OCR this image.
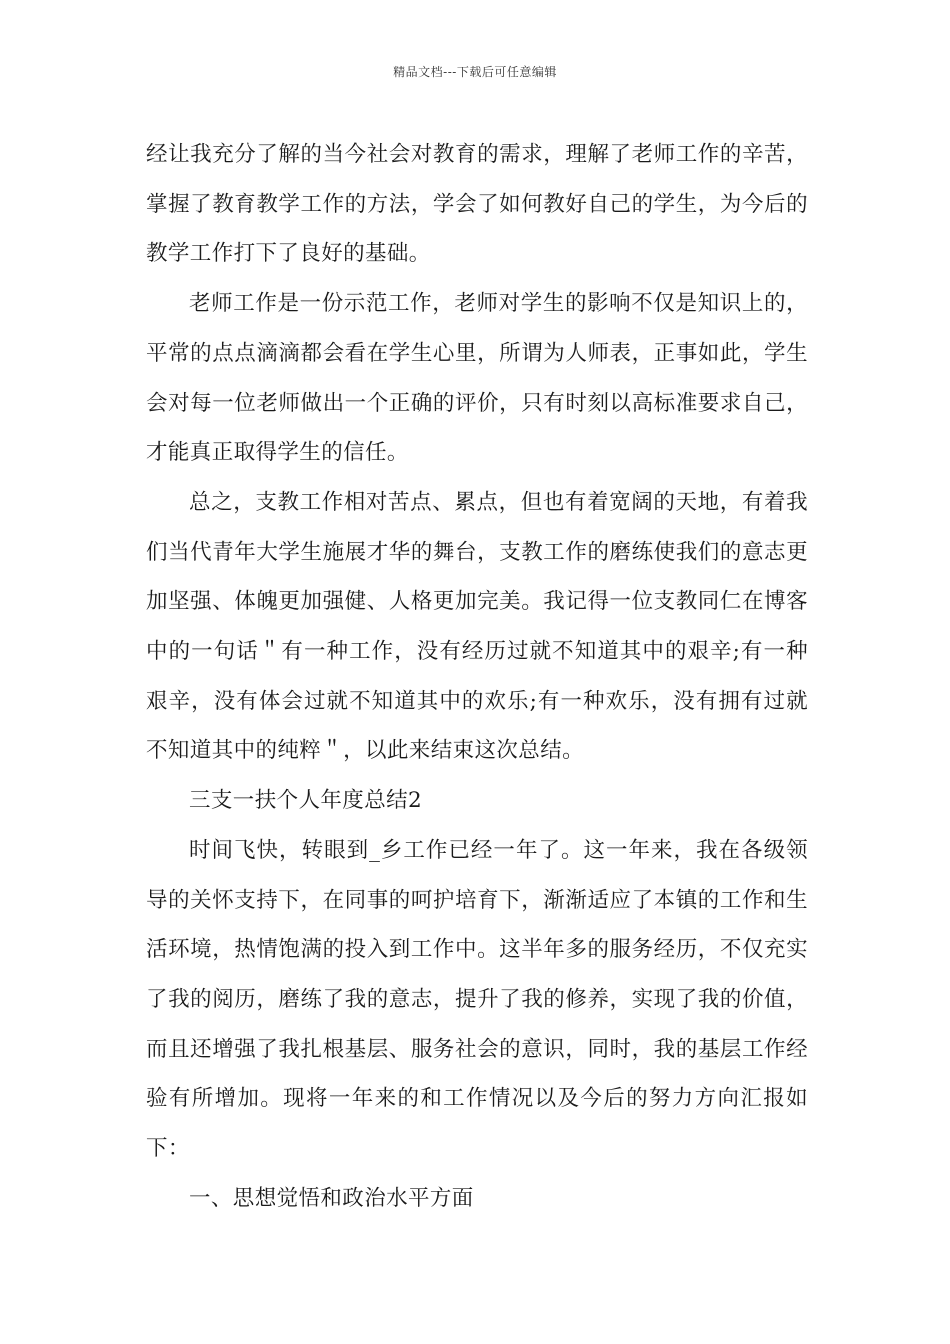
精品文档---下载后可任意编辑

经让我充分了解的当今社会对教育的需求，理解了老师工作的辛苦，掌握了教育教学工作的方法，学会了如何教好自己的学生，为今后的教学工作打下了良好的基础。

老师工作是一份示范工作，老师对学生的影响不仅是知识上的，平常的点点滴滴都会看在学生心里，所谓为人师表，正事如此，学生会对每一位老师做出一个正确的评价，只有时刻以高标准要求自己，才能真正取得学生的信任。

总之，支教工作相对苦点、累点，但也有着宽阔的天地，有着我们当代青年大学生施展才华的舞台，支教工作的磨练使我们的意志更加坚强、体魄更加强健、人格更加完美。我记得一位支教同仁在博客中的一句话＂有一种工作，没有经历过就不知道其中的艰辛;有一种艰辛，没有体会过就不知道其中的欢乐;有一种欢乐，没有拥有过就不知道其中的纯粹＂，以此来结束这次总结。

三支一扶个人年度总结2

时间飞快，转眼到_乡工作已经一年了。这一年来，我在各级领导的关怀支持下，在同事的呵护培育下，渐渐适应了本镇的工作和生活环境，热情饱满的投入到工作中。这半年多的服务经历，不仅充实了我的阅历，磨练了我的意志，提升了我的修养，实现了我的价值，而且还增强了我扎根基层、服务社会的意识，同时，我的基层工作经验有所增加。现将一年来的和工作情况以及今后的努力方向汇报如下：

一、思想觉悟和政治水平方面
